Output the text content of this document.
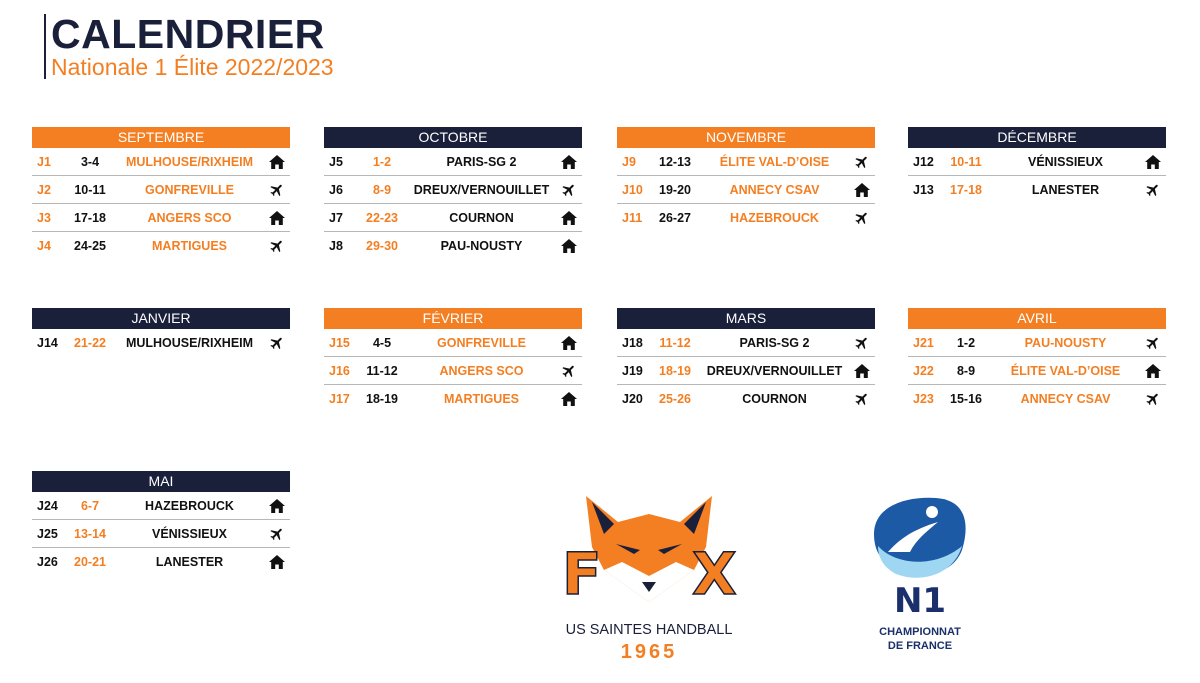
CALENDRIER
Nationale 1 Élite 2022/2023
SEPTEMBRE
J1	3-4	MULHOUSE/RIXHEIM
J2	10-11	GONFREVILLE
J3	17-18	ANGERS SCO
J4	24-25	MARTIGUES
OCTOBRE
J5	1-2	PARIS-SG 2
J6	8-9	DREUX/VERNOUILLET
J7	22-23	COURNON
J8	29-30	PAU-NOUSTY
NOVEMBRE
J9	12-13	ÉLITE VAL-D’OISE
J10	19-20	ANNECY CSAV
J11	26-27	HAZEBROUCK
DÉCEMBRE
J12	10-11	VÉNISSIEUX
J13	17-18	LANESTER
JANVIER
J14	21-22	MULHOUSE/RIXHEIM
FÉVRIER
J15	4-5	GONFREVILLE
J16	11-12	ANGERS SCO
J17	18-19	MARTIGUES
MARS
J18	11-12	PARIS-SG 2
J19	18-19	DREUX/VERNOUILLET
J20	25-26	COURNON
AVRIL
J21	1-2	PAU-NOUSTY
J22	8-9	ÉLITE VAL-D’OISE
J23	15-16	ANNECY CSAV
MAI
J24	6-7	HAZEBROUCK
J25	13-14	VÉNISSIEUX
J26	20-21	LANESTER	F X
US SAINTES HANDBALL
1965
N1
CHAMPIONNAT
DE FRANCE
